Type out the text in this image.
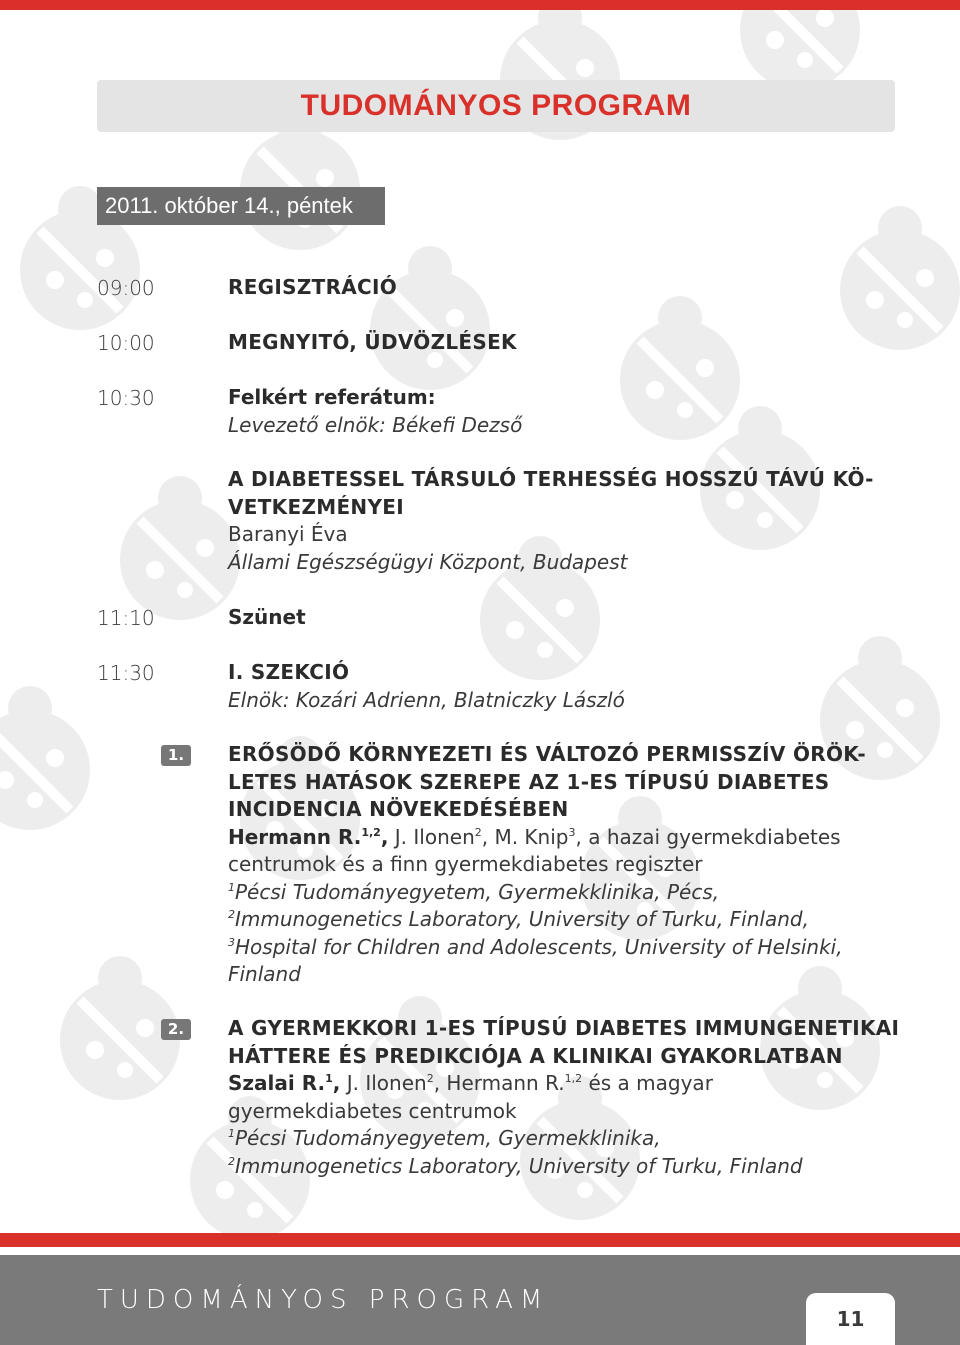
TUDOMÁNYOS PROGRAM
2011. október 14., péntek
09:00	REGISZTRÁCIÓ
10:00	MEGNYITÓ, ÜDVÖZLÉSEK
10:30	Felkért referátum:
Levezető elnök: Békefi Dezső
A DIABETESSEL TÁRSULÓ TERHESSÉG HOSSZÚ TÁVÚ KÖ-
VETKEZMÉNYEI
Baranyi Éva
Állami Egészségügyi Központ, Budapest
11:10	Szünet
11:30	I. SZEKCIÓ
Elnök: Kozári Adrienn, Blatniczky László
1.	ERŐSÖDŐ KÖRNYEZETI ÉS VÁLTOZÓ PERMISSZÍV ÖRÖK-
LETES HATÁSOK SZEREPE AZ 1-ES TÍPUSÚ DIABETES
INCIDENCIA NÖVEKEDÉSÉBEN
Hermann R.$^{1,2}$, J. Ilonen$^2$, M. Knip$^3$, a hazai gyermekdiabetes
centrumok és a finn gyermekdiabetes regiszter
$^1$Pécsi Tudományegyetem, Gyermekklinika, Pécs,
$^2$Immunogenetics Laboratory, University of Turku, Finland,
$^3$Hospital for Children and Adolescents, University of Helsinki,
Finland
2.	A GYERMEKKORI 1-ES TÍPUSÚ DIABETES IMMUNGENETIKAI
HÁTTERE ÉS PREDIKCIÓJA A KLINIKAI GYAKORLATBAN
Szalai R.$^1$, J. Ilonen$^2$, Hermann R.$^{1,2}$ és a magyar
gyermekdiabetes centrumok
$^1$Pécsi Tudományegyetem, Gyermekklinika,
$^2$Immunogenetics Laboratory, University of Turku, Finland
TUDOMÁNYOS PROGRAM
11
